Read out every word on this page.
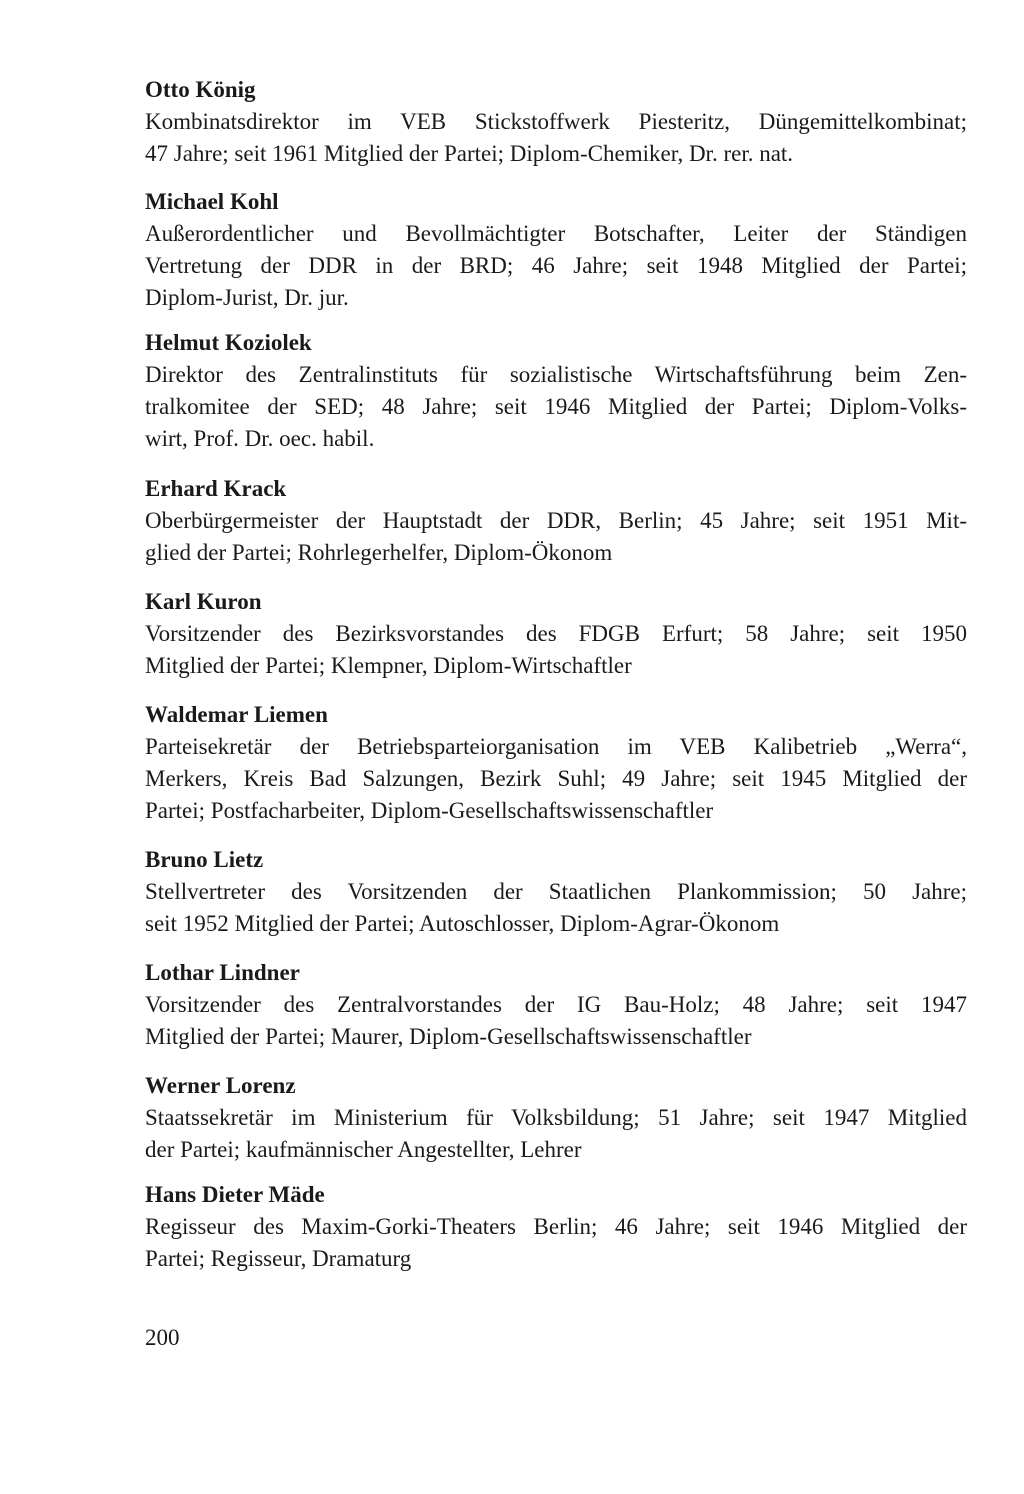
Otto König
Kombinatsdirektor im VEB Stickstoffwerk Piesteritz, Düngemittelkombinat;
47 Jahre; seit 1961 Mitglied der Partei; Diplom-Chemiker, Dr. rer. nat.
Michael Kohl
Außerordentlicher und Bevollmächtigter Botschafter, Leiter der Ständigen
Vertretung der DDR in der BRD; 46 Jahre; seit 1948 Mitglied der Partei;
Diplom-Jurist, Dr. jur.
Helmut Koziolek
Direktor des Zentralinstituts für sozialistische Wirtschaftsführung beim Zen-
tralkomitee der SED; 48 Jahre; seit 1946 Mitglied der Partei; Diplom-Volks-
wirt, Prof. Dr. oec. habil.
Erhard Krack
Oberbürgermeister der Hauptstadt der DDR, Berlin; 45 Jahre; seit 1951 Mit-
glied der Partei; Rohrlegerhelfer, Diplom-Ökonom
Karl Kuron
Vorsitzender des Bezirksvorstandes des FDGB Erfurt; 58 Jahre; seit 1950
Mitglied der Partei; Klempner, Diplom-Wirtschaftler
Waldemar Liemen
Parteisekretär der Betriebsparteiorganisation im VEB Kalibetrieb „Werra“,
Merkers, Kreis Bad Salzungen, Bezirk Suhl; 49 Jahre; seit 1945 Mitglied der
Partei; Postfacharbeiter, Diplom-Gesellschaftswissenschaftler
Bruno Lietz
Stellvertreter des Vorsitzenden der Staatlichen Plankommission; 50 Jahre;
seit 1952 Mitglied der Partei; Autoschlosser, Diplom-Agrar-Ökonom
Lothar Lindner
Vorsitzender des Zentralvorstandes der IG Bau-Holz; 48 Jahre; seit 1947
Mitglied der Partei; Maurer, Diplom-Gesellschaftswissenschaftler
Werner Lorenz
Staatssekretär im Ministerium für Volksbildung; 51 Jahre; seit 1947 Mitglied
der Partei; kaufmännischer Angestellter, Lehrer
Hans Dieter Mäde
Regisseur des Maxim-Gorki-Theaters Berlin; 46 Jahre; seit 1946 Mitglied der
Partei; Regisseur, Dramaturg
200
